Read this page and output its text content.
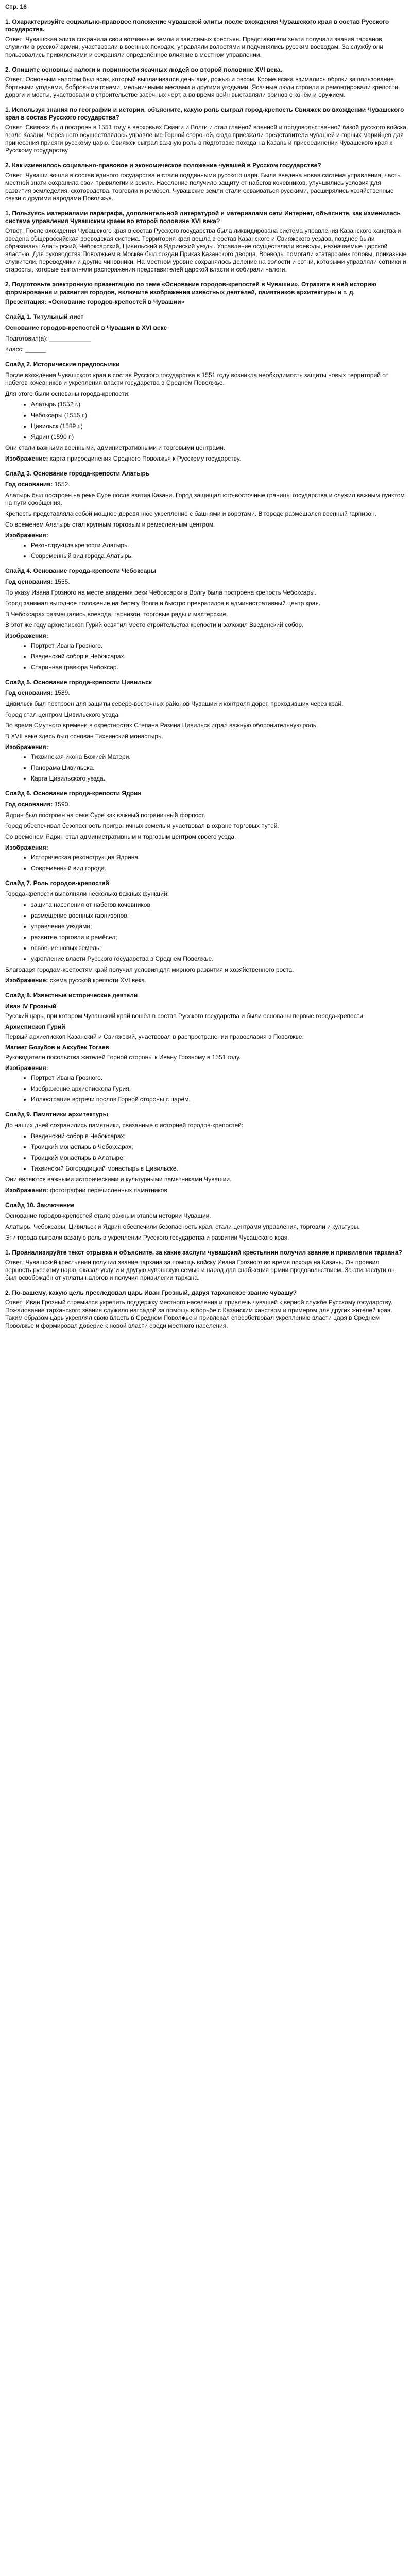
Стр. 16
1. Охарактеризуйте социально-правовое положение чувашской элиты после вхождения Чувашского края в состав Русского государства.

Ответ: Чувашская элита сохранила свои вотчинные земли и зависимых крестьян. Представители знати получали звания тарханов, служили в русской армии, участвовали в военных походах, управляли волостями и подчинялись русским воеводам. За службу они пользовались привилегиями и сохраняли определённое влияние в местном управлении.

2. Опишите основные налоги и повинности ясачных людей во второй половине XVI века.

Ответ: Основным налогом был ясак, который выплачивался деньгами, рожью и овсом. Кроме ясака взимались оброки за пользование бортными угодьями, бобровыми гонами, мельничными местами и другими угодьями. Ясачные люди строили и ремонтировали крепости, дороги и мосты, участвовали в строительстве засечных черт, а во время войн выставляли воинов с конём и оружием.

1. Используя знания по географии и истории, объясните, какую роль сыграл город-крепость Свияжск во вхождении Чувашского края в состав Русского государства?

Ответ: Свияжск был построен в 1551 году в верховьях Свияги и Волги и стал главной военной и продовольственной базой русского войска возле Казани. Через него осуществлялось управление Горной стороной, сюда приезжали представители чувашей и горных марийцев для принесения присяги русскому царю. Свияжск сыграл важную роль в подготовке похода на Казань и присоединении Чувашского края к Русскому государству.

2. Как изменилось социально-правовое и экономическое положение чувашей в Русском государстве?

Ответ: Чуваши вошли в состав единого государства и стали подданными русского царя. Была введена новая система управления, часть местной знати сохранила свои привилегии и земли. Население получило защиту от набегов кочевников, улучшились условия для развития земледелия, скотоводства, торговли и ремёсел. Чувашские земли стали осваиваться русскими, расширялись хозяйственные связи с другими народами Поволжья.

1. Пользуясь материалами параграфа, дополнительной литературой и материалами сети Интернет, объясните, как изменилась система управления Чувашским краем во второй половине XVI века?

Ответ: После вхождения Чувашского края в состав Русского государства была ликвидирована система управления Казанского ханства и введена общероссийская воеводская система. Территория края вошла в состав Казанского и Свияжского уездов, позднее были образованы Алатырский, Чебоксарский, Цивильский и Ядринский уезды. Управление осуществляли воеводы, назначаемые царской властью. Для руководства Поволжьем в Москве был создан Приказ Казанского дворца. Воеводы помогали «татарские» головы, приказные служители, переводчики и другие чиновники. На местном уровне сохранялось деление на волости и сотни, которыми управляли сотники и старосты, которые выполняли распоряжения представителей царской власти и собирали налоги.

2. Подготовьте электронную презентацию по теме «Основание городов-крепостей в Чувашии». Отразите в ней историю формирования и развития городов, включите изображения известных деятелей, памятников архитектуры и т. д.
Презентация: «Основание городов-крепостей в Чувашии»
Слайд 1. Титульный лист
Основание городов-крепостей в Чувашии в XVI веке

Подготовил(а): ____________

Класс: ______

Слайд 2. Исторические предпосылки

После вхождения Чувашского края в состав Русского государства в 1551 году возникла необходимость защиты новых территорий от набегов кочевников и укрепления власти государства в Среднем Поволжье.

Для этого были основаны города-крепости:

• Алатырь (1552 г.)
• Чебоксары (1555 г.)
• Цивильск (1589 г.)
• Ядрин (1590 г.)

Они стали важными военными, административными и торговыми центрами.

Изображение: карта присоединения Среднего Поволжья к Русскому государству.

Слайд 3. Основание города-крепости Алатырь

Год основания: 1552.

Алатырь был построен на реке Суре после взятия Казани. Город защищал юго-восточные границы государства и служил важным пунктом на пути сообщения.

Крепость представляла собой мощное деревянное укрепление с башнями и воротами. В городе размещался военный гарнизон.

Со временем Алатырь стал крупным торговым и ремесленным центром.

Изображения:
• Реконструкция крепости Алатырь.
• Современный вид города Алатырь.
Слайд 4. Основание города-крепости Чебоксары

Год основания: 1555.

По указу Ивана Грозного на месте владения реки Чебоксарки в Волгу была построена крепость Чебоксары.

Город занимал выгодное положение на берегу Волги и быстро превратился в административный центр края.

В Чебоксарах размещались воевода, гарнизон, торговые ряды и мастерские.

В этот же году архиепископ Гурий освятил место строительства крепости и заложил Введенский собор.

Изображения:
• Портрет Ивана Грозного.
• Введенский собор в Чебоксарах.
• Старинная гравюра Чебоксар.
Слайд 5. Основание города-крепости Цивильск

Год основания: 1589.

Цивильск был построен для защиты северо-восточных районов Чувашии и контроля дорог, проходивших через край.

Город стал центром Цивильского уезда.

Во время Смутного времени в окрестностях Степана Разина Цивильск играл важную оборонительную роль.

В XVII веке здесь был основан Тихвинский монастырь.

Изображения:
• Тихвинская икона Божией Матери.
• Панорама Цивильска.
• Карта Цивильского уезда.
Слайд 6. Основание города-крепости Ядрин

Год основания: 1590.

Ядрин был построен на реке Суре как важный пограничный форпост.

Город обеспечивал безопасность приграничных земель и участвовал в охране торговых путей.

Со временем Ядрин стал административным и торговым центром своего уезда.

Изображения:
• Историческая реконструкция Ядрина.
• Современный вид города.
Слайд 7. Роль городов-крепостей

Города-крепости выполняли несколько важных функций:

• защита населения от набегов кочевников;
• размещение военных гарнизонов;
• управление уездами;
• развитие торговли и ремёсел;
• освоение новых земель;
• укрепление власти Русского государства в Среднем Поволжье.

Благодаря городам-крепостям край получил условия для мирного развития и хозяйственного роста.

Изображение: схема русской крепости XVI века.

Слайд 8. Известные исторические деятели
Иван IV Грозный

Русский царь, при котором Чувашский край вошёл в состав Русского государства и были основаны первые города-крепости.

Архиепископ Гурий

Первый архиепископ Казанский и Свияжский, участвовал в распространении православия в Поволжье.

Магмет Бозубов и Акхубек Тогаев

Руководители посольства жителей Горной стороны к Ивану Грозному в 1551 году.

Изображения:
• Портрет Ивана Грозного.
• Изображение архиепископа Гурия.
• Иллюстрация встречи послов Горной стороны с царём.
Слайд 9. Памятники архитектуры

До наших дней сохранились памятники, связанные с историей городов-крепостей:

• Введенский собор в Чебоксарах;
• Троицкий монастырь в Чебоксарах;
• Троицкий монастырь в Алатыре;
• Тихвинский Богородицкий монастырь в Цивильске.

Они являются важными историческими и культурными памятниками Чувашии.

Изображения: фотографии перечисленных памятников.

Слайд 10. Заключение

Основание городов-крепостей стало важным этапом истории Чувашии.

Алатырь, Чебоксары, Цивильск и Ядрин обеспечили безопасность края, стали центрами управления, торговли и культуры.

Эти города сыграли важную роль в укреплении Русского государства и развитии Чувашского края.

1. Проанализируйте текст отрывка и объясните, за какие заслуги чувашский крестьянин получил звание и привилегии тархана?

Ответ: Чувашский крестьянин получил звание тархана за помощь войску Ивана Грозного во время похода на Казань. Он проявил верность русскому царю, оказал услуги и другую чувашскую семью и народ для снабжения армии продовольствием. За эти заслуги он был освобождён от уплаты налогов и получил привилегии тархана.

2. По-вашему, какую цель преследовал царь Иван Грозный, даруя тарханское звание чувашу?

Ответ: Иван Грозный стремился укрепить поддержку местного населения и привлечь чувашей к верной службе Русскому государству. Пожалование тарханского звания служило наградой за помощь в борьбе с Казанским ханством и примером для других жителей края. Таким образом царь укреплял свою власть в Среднем Поволжье и привлекал способствовал укреплению власти царя в Среднем Поволжье и формировал доверие к новой власти среди местного населения.
